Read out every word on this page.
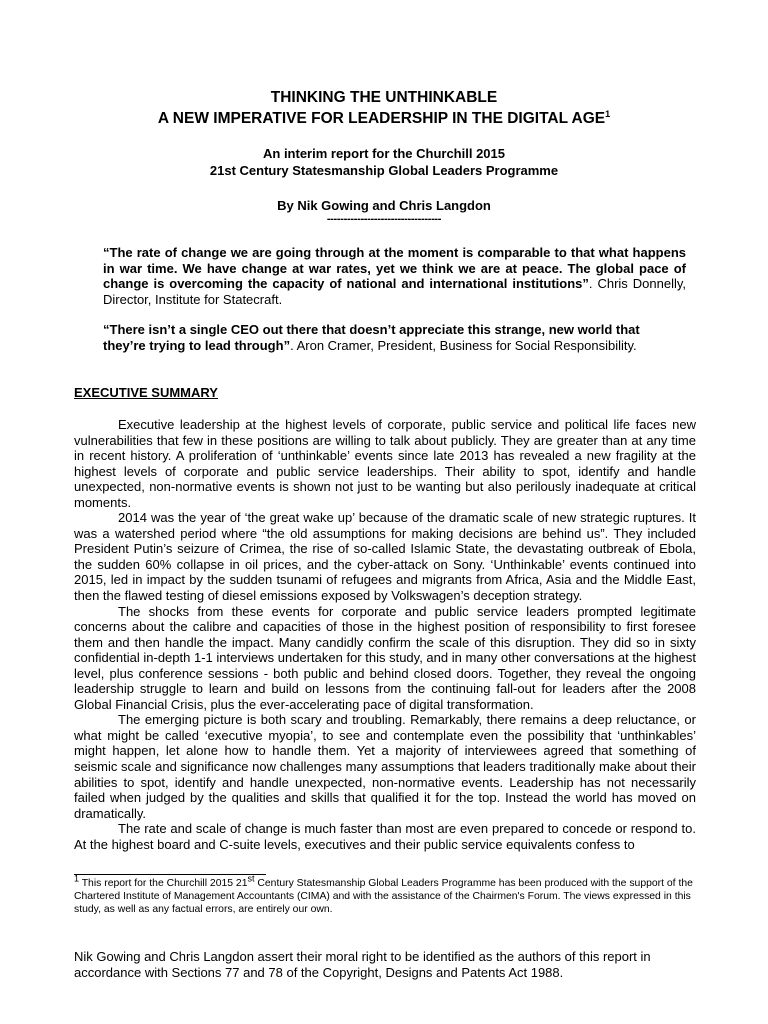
THINKING THE UNTHINKABLE
A NEW IMPERATIVE FOR LEADERSHIP IN THE DIGITAL AGE$^1$
An interim report for the Churchill 2015
21st Century Statesmanship Global Leaders Programme
By Nik Gowing and Chris Langdon
----------------------------------
“The rate of change we are going through at the moment is comparable to that what happens in war time. We have change at war rates, yet we think we are at peace. The global pace of change is overcoming the capacity of national and international institutions”. Chris Donnelly, Director, Institute for Statecraft.
“There isn’t a single CEO out there that doesn’t appreciate this strange, new world that they’re trying to lead through”. Aron Cramer, President, Business for Social Responsibility.
EXECUTIVE SUMMARY

Executive leadership at the highest levels of corporate, public service and political life faces new vulnerabilities that few in these positions are willing to talk about publicly. They are greater than at any time in recent history. A proliferation of ‘unthinkable’ events since late 2013 has revealed a new fragility at the highest levels of corporate and public service leaderships. Their ability to spot, identify and handle unexpected, non-normative events is shown not just to be wanting but also perilously inadequate at critical moments.

2014 was the year of ‘the great wake up’ because of the dramatic scale of new strategic ruptures. It was a watershed period where “the old assumptions for making decisions are behind us”. They included President Putin’s seizure of Crimea, the rise of so-called Islamic State, the devastating outbreak of Ebola, the sudden 60% collapse in oil prices, and the cyber-attack on Sony. ‘Unthinkable’ events continued into 2015, led in impact by the sudden tsunami of refugees and migrants from Africa, Asia and the Middle East, then the flawed testing of diesel emissions exposed by Volkswagen’s deception strategy.

The shocks from these events for corporate and public service leaders prompted legitimate concerns about the calibre and capacities of those in the highest position of responsibility to first foresee them and then handle the impact. Many candidly confirm the scale of this disruption. They did so in sixty confidential in-depth 1-1 interviews undertaken for this study, and in many other conversations at the highest level, plus conference sessions - both public and behind closed doors. Together, they reveal the ongoing leadership struggle to learn and build on lessons from the continuing fall-out for leaders after the 2008 Global Financial Crisis, plus the ever-accelerating pace of digital transformation.

The emerging picture is both scary and troubling. Remarkably, there remains a deep reluctance, or what might be called ‘executive myopia’, to see and contemplate even the possibility that ‘unthinkables’ might happen, let alone how to handle them. Yet a majority of interviewees agreed that something of seismic scale and significance now challenges many assumptions that leaders traditionally make about their abilities to spot, identify and handle unexpected, non-normative events. Leadership has not necessarily failed when judged by the qualities and skills that qualified it for the top. Instead the world has moved on dramatically.

The rate and scale of change is much faster than most are even prepared to concede or respond to. At the highest board and C-suite levels, executives and their public service equivalents confess to

1 This report for the Churchill 2015 21st Century Statesmanship Global Leaders Programme has been produced with the support of the Chartered Institute of Management Accountants (CIMA) and with the assistance of the Chairmen's Forum. The views expressed in this study, as well as any factual errors, are entirely our own.
Nik Gowing and Chris Langdon assert their moral right to be identified as the authors of this report in accordance with Sections 77 and 78 of the Copyright, Designs and Patents Act 1988.
